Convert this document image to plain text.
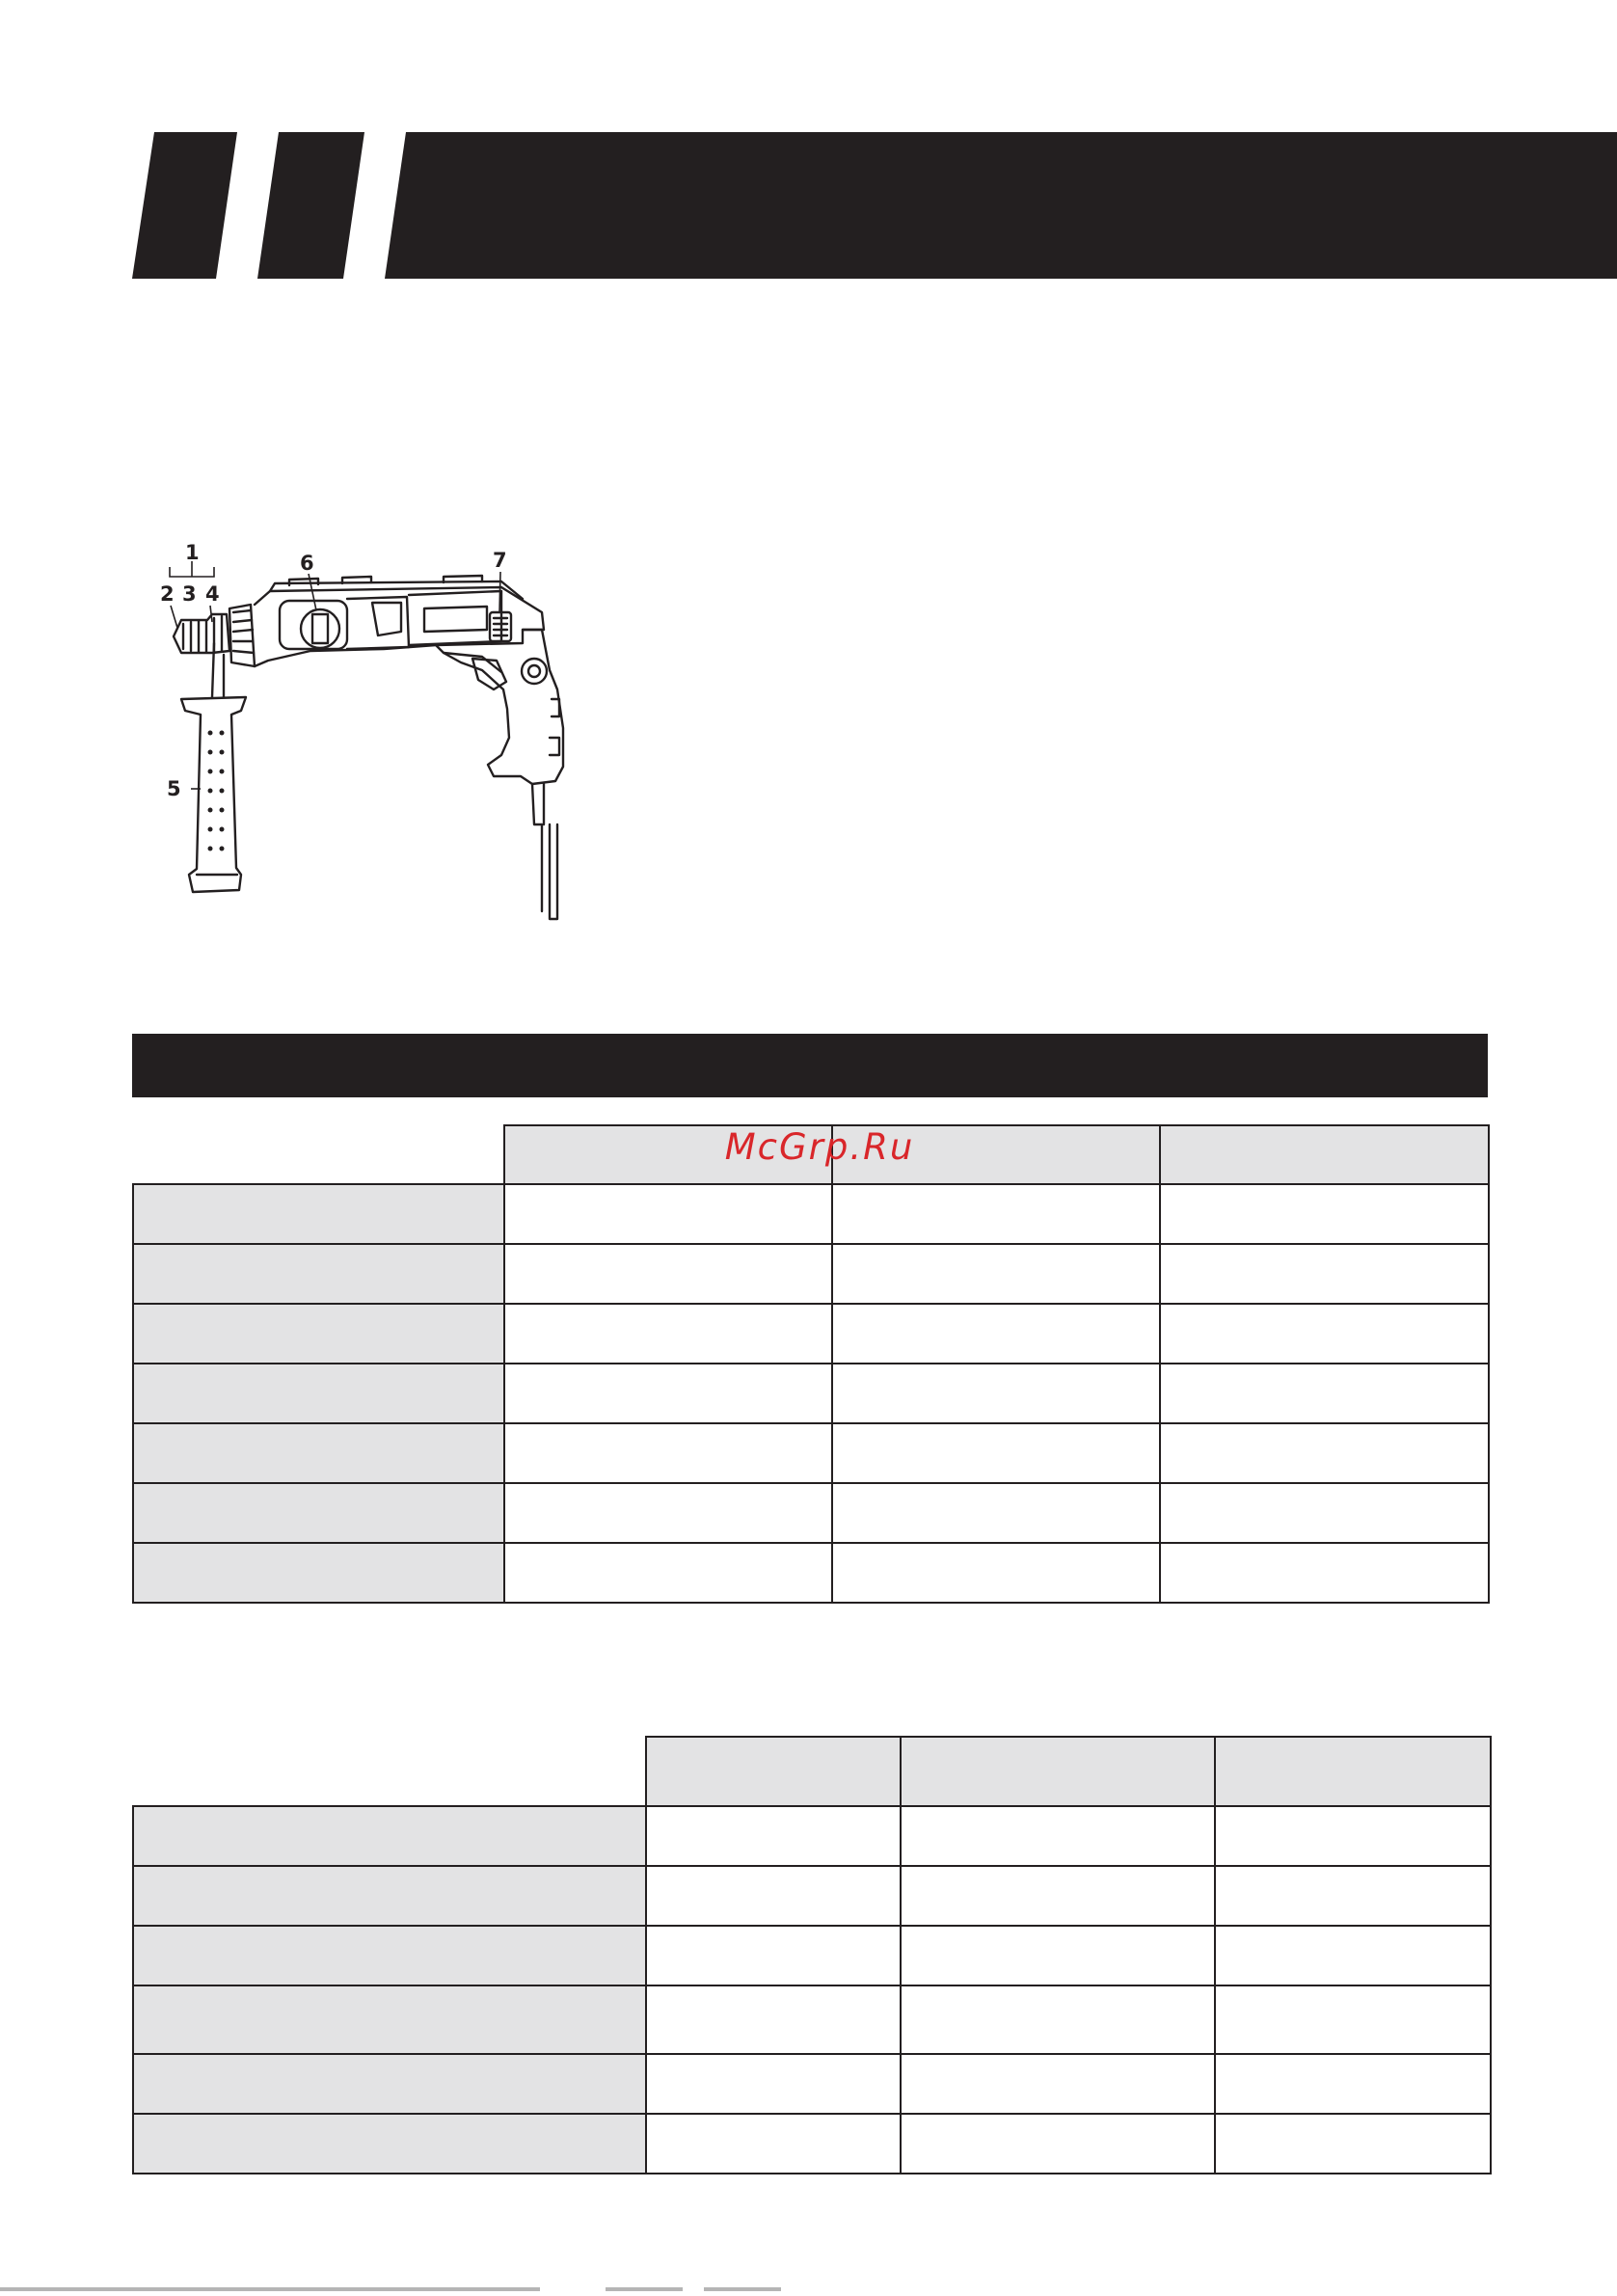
1
2 3 4
5
6	7

McGrp.Ru
